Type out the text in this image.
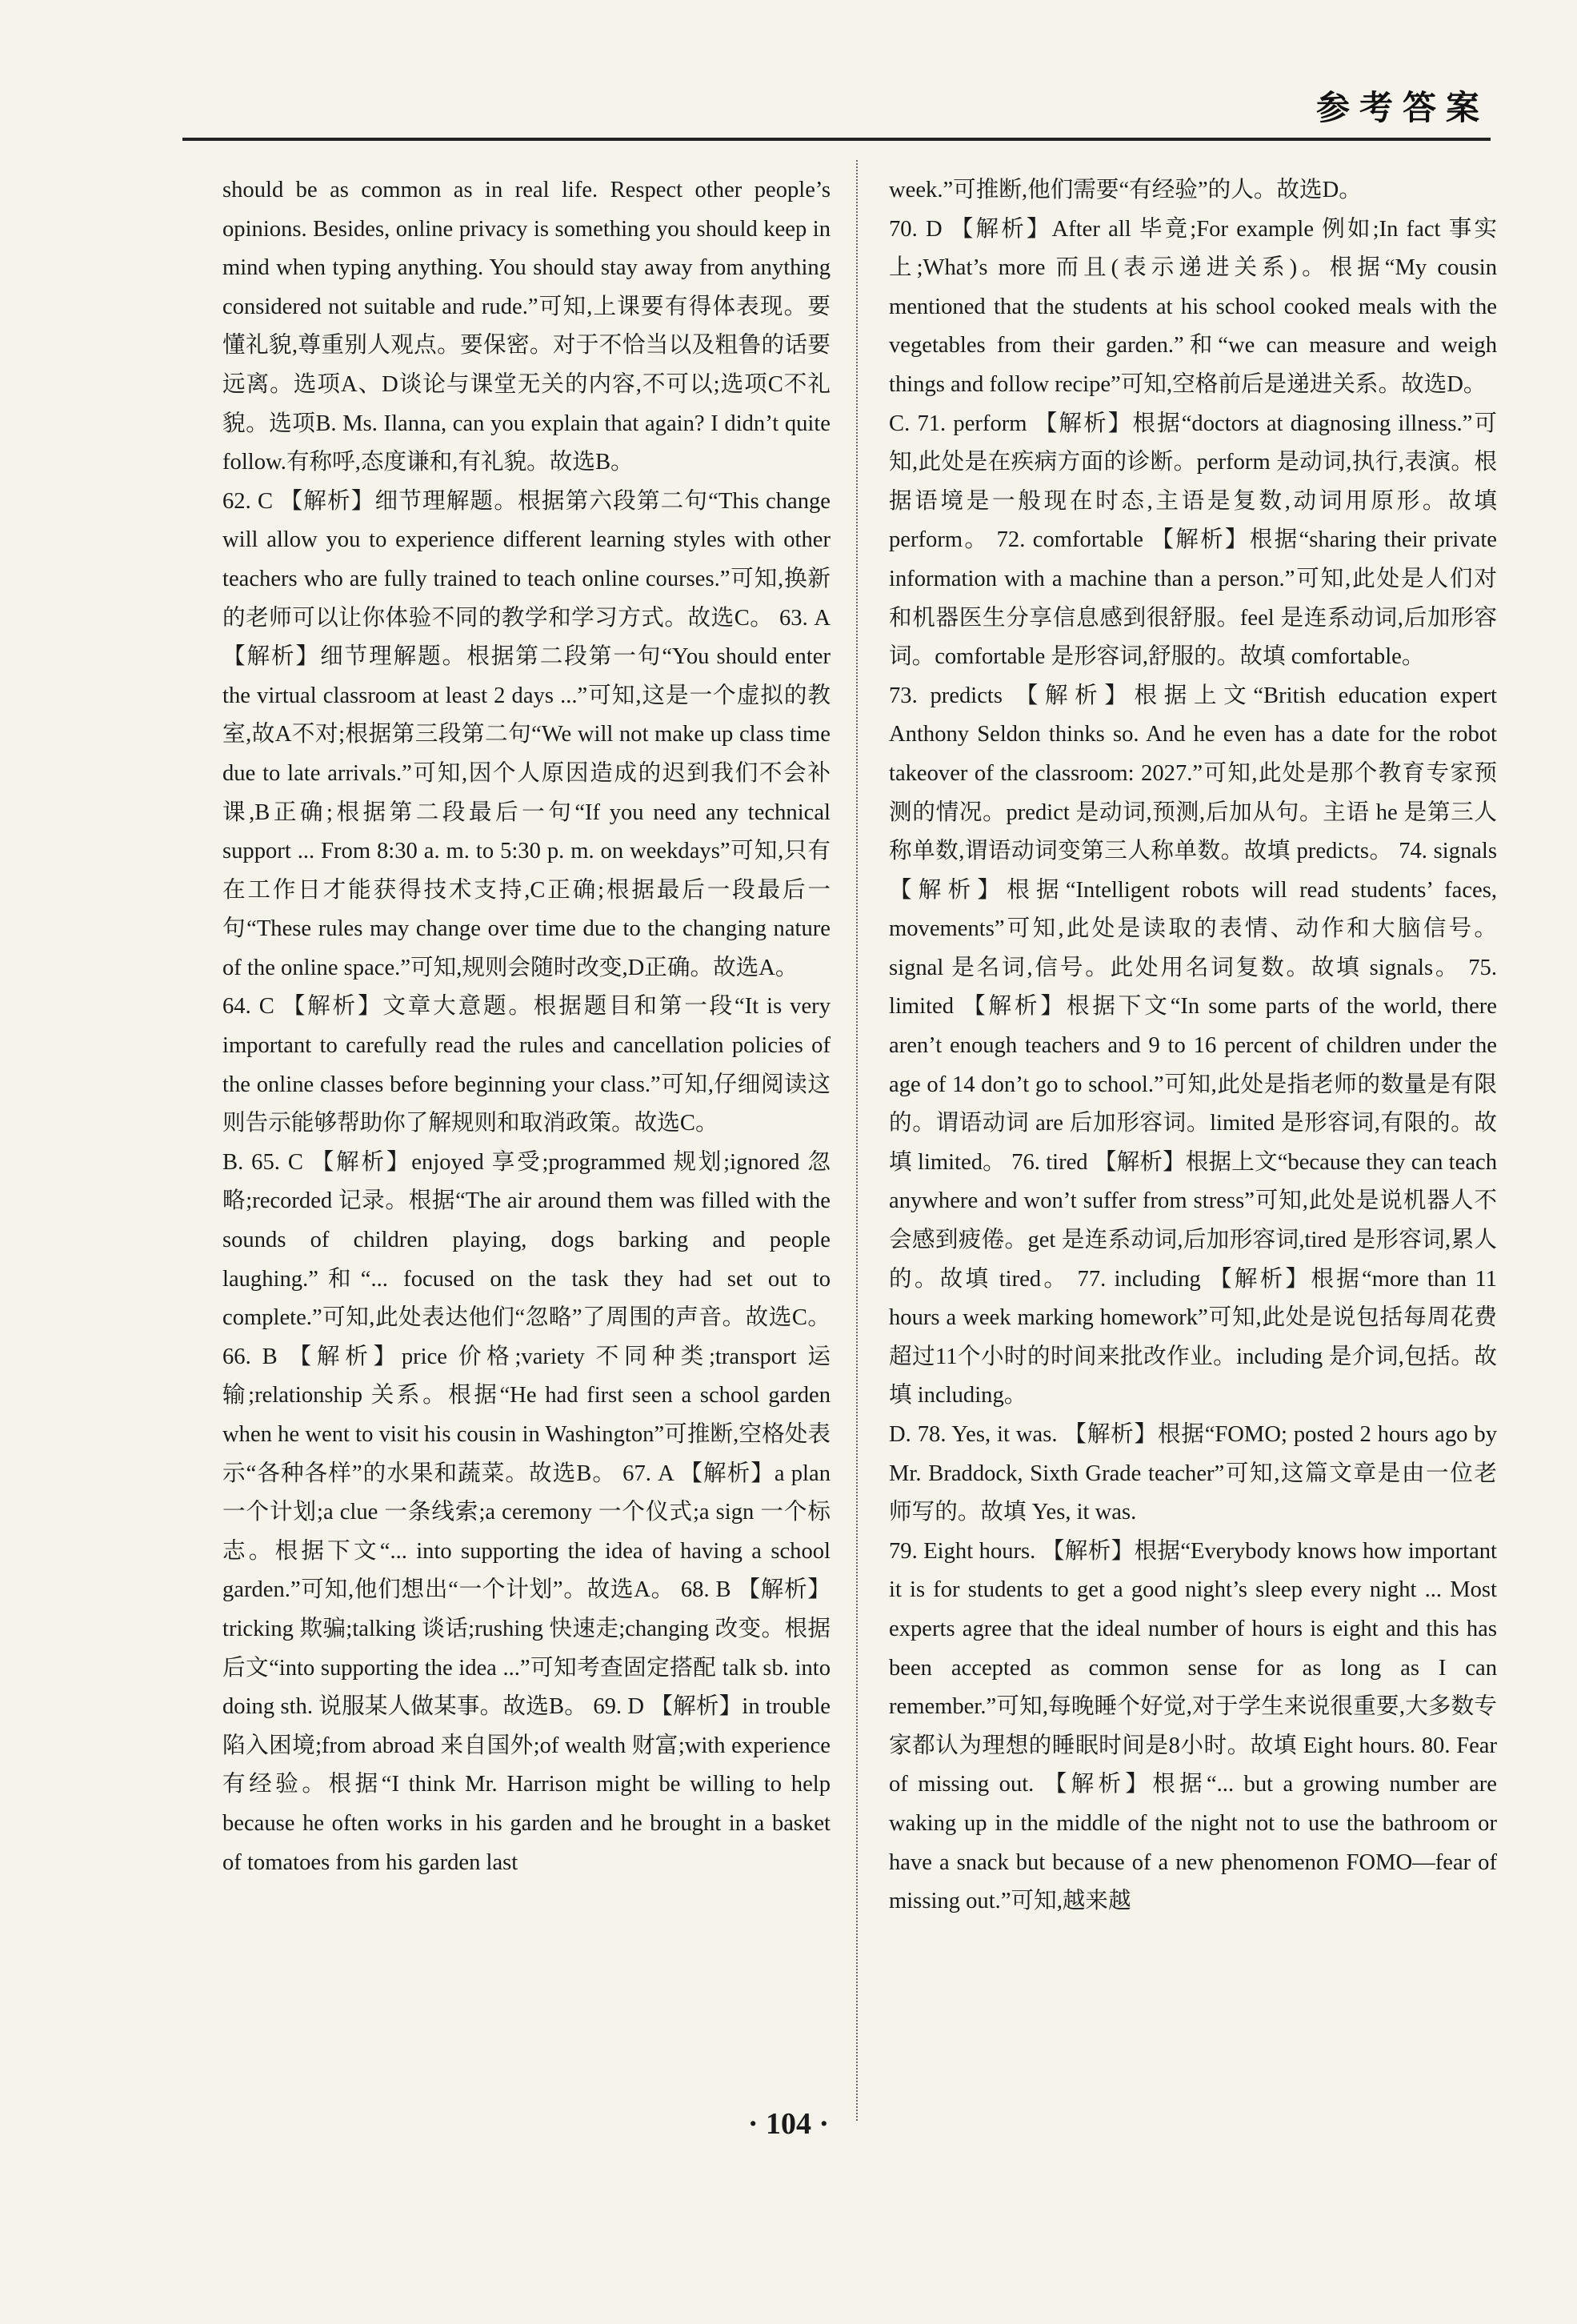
参考答案

should be as common as in real life. Respect other people’s opinions. Besides, online privacy is something you should keep in mind when typing anything. You should stay away from anything considered not suitable and rude.”可知,上课要有得体表现。要懂礼貌,尊重别人观点。要保密。对于不恰当以及粗鲁的话要远离。选项A、D谈论与课堂无关的内容,不可以;选项C不礼貌。选项B. Ms. Ilanna, can you explain that again? I didn’t quite follow.有称呼,态度谦和,有礼貌。故选B。

62. C 【解析】细节理解题。根据第六段第二句“This change will allow you to experience different learning styles with other teachers who are fully trained to teach online courses.”可知,换新的老师可以让你体验不同的教学和学习方式。故选C。 63. A 【解析】细节理解题。根据第二段第一句“You should enter the virtual classroom at least 2 days ...”可知,这是一个虚拟的教室,故A不对;根据第三段第二句“We will not make up class time due to late arrivals.”可知,因个人原因造成的迟到我们不会补课,B正确;根据第二段最后一句“If you need any technical support ... From 8:30 a. m. to 5:30 p. m. on weekdays”可知,只有在工作日才能获得技术支持,C正确;根据最后一段最后一句“These rules may change over time due to the changing nature of the online space.”可知,规则会随时改变,D正确。故选A。

64. C 【解析】文章大意题。根据题目和第一段“It is very important to carefully read the rules and cancellation policies of the online classes before beginning your class.”可知,仔细阅读这则告示能够帮助你了解规则和取消政策。故选C。

B. 65. C 【解析】enjoyed 享受;programmed 规划;ignored 忽略;recorded 记录。根据“The air around them was filled with the sounds of children playing, dogs barking and people laughing.”和“... focused on the task they had set out to complete.”可知,此处表达他们“忽略”了周围的声音。故选C。 66. B 【解析】price 价格;variety 不同种类;transport 运输;relationship 关系。根据“He had first seen a school garden when he went to visit his cousin in Washington”可推断,空格处表示“各种各样”的水果和蔬菜。故选B。 67. A 【解析】a plan 一个计划;a clue 一条线索;a ceremony 一个仪式;a sign 一个标志。根据下文“... into supporting the idea of having a school garden.”可知,他们想出“一个计划”。故选A。 68. B 【解析】tricking 欺骗;talking 谈话;rushing 快速走;changing 改变。根据后文“into supporting the idea ...”可知考查固定搭配 talk sb. into doing sth. 说服某人做某事。故选B。 69. D 【解析】in trouble 陷入困境;from abroad 来自国外;of wealth 财富;with experience 有经验。根据“I think Mr. Harrison might be willing to help because he often works in his garden and he brought in a basket of tomatoes from his garden last

week.”可推断,他们需要“有经验”的人。故选D。

70. D 【解析】After all 毕竟;For example 例如;In fact 事实上;What’s more 而且(表示递进关系)。根据“My cousin mentioned that the students at his school cooked meals with the vegetables from their garden.”和“we can measure and weigh things and follow recipe”可知,空格前后是递进关系。故选D。

C. 71. perform 【解析】根据“doctors at diagnosing illness.”可知,此处是在疾病方面的诊断。perform 是动词,执行,表演。根据语境是一般现在时态,主语是复数,动词用原形。故填 perform。 72. comfortable 【解析】根据“sharing their private information with a machine than a person.”可知,此处是人们对和机器医生分享信息感到很舒服。feel 是连系动词,后加形容词。comfortable 是形容词,舒服的。故填 comfortable。

73. predicts 【解析】根据上文“British education expert Anthony Seldon thinks so. And he even has a date for the robot takeover of the classroom: 2027.”可知,此处是那个教育专家预测的情况。predict 是动词,预测,后加从句。主语 he 是第三人称单数,谓语动词变第三人称单数。故填 predicts。 74. signals 【解析】根据“Intelligent robots will read students’ faces, movements”可知,此处是读取的表情、动作和大脑信号。signal 是名词,信号。此处用名词复数。故填 signals。 75. limited 【解析】根据下文“In some parts of the world, there aren’t enough teachers and 9 to 16 percent of children under the age of 14 don’t go to school.”可知,此处是指老师的数量是有限的。谓语动词 are 后加形容词。limited 是形容词,有限的。故填 limited。 76. tired 【解析】根据上文“because they can teach anywhere and won’t suffer from stress”可知,此处是说机器人不会感到疲倦。get 是连系动词,后加形容词,tired 是形容词,累人的。故填 tired。 77. including 【解析】根据“more than 11 hours a week marking homework”可知,此处是说包括每周花费超过11个小时的时间来批改作业。including 是介词,包括。故填 including。

D. 78. Yes, it was. 【解析】根据“FOMO; posted 2 hours ago by Mr. Braddock, Sixth Grade teacher”可知,这篇文章是由一位老师写的。故填 Yes, it was.

79. Eight hours. 【解析】根据“Everybody knows how important it is for students to get a good night’s sleep every night ... Most experts agree that the ideal number of hours is eight and this has been accepted as common sense for as long as I can remember.”可知,每晚睡个好觉,对于学生来说很重要,大多数专家都认为理想的睡眠时间是8小时。故填 Eight hours. 80. Fear of missing out. 【解析】根据“... but a growing number are waking up in the middle of the night not to use the bathroom or have a snack but because of a new phenomenon FOMO—fear of missing out.”可知,越来越

· 104 ·
